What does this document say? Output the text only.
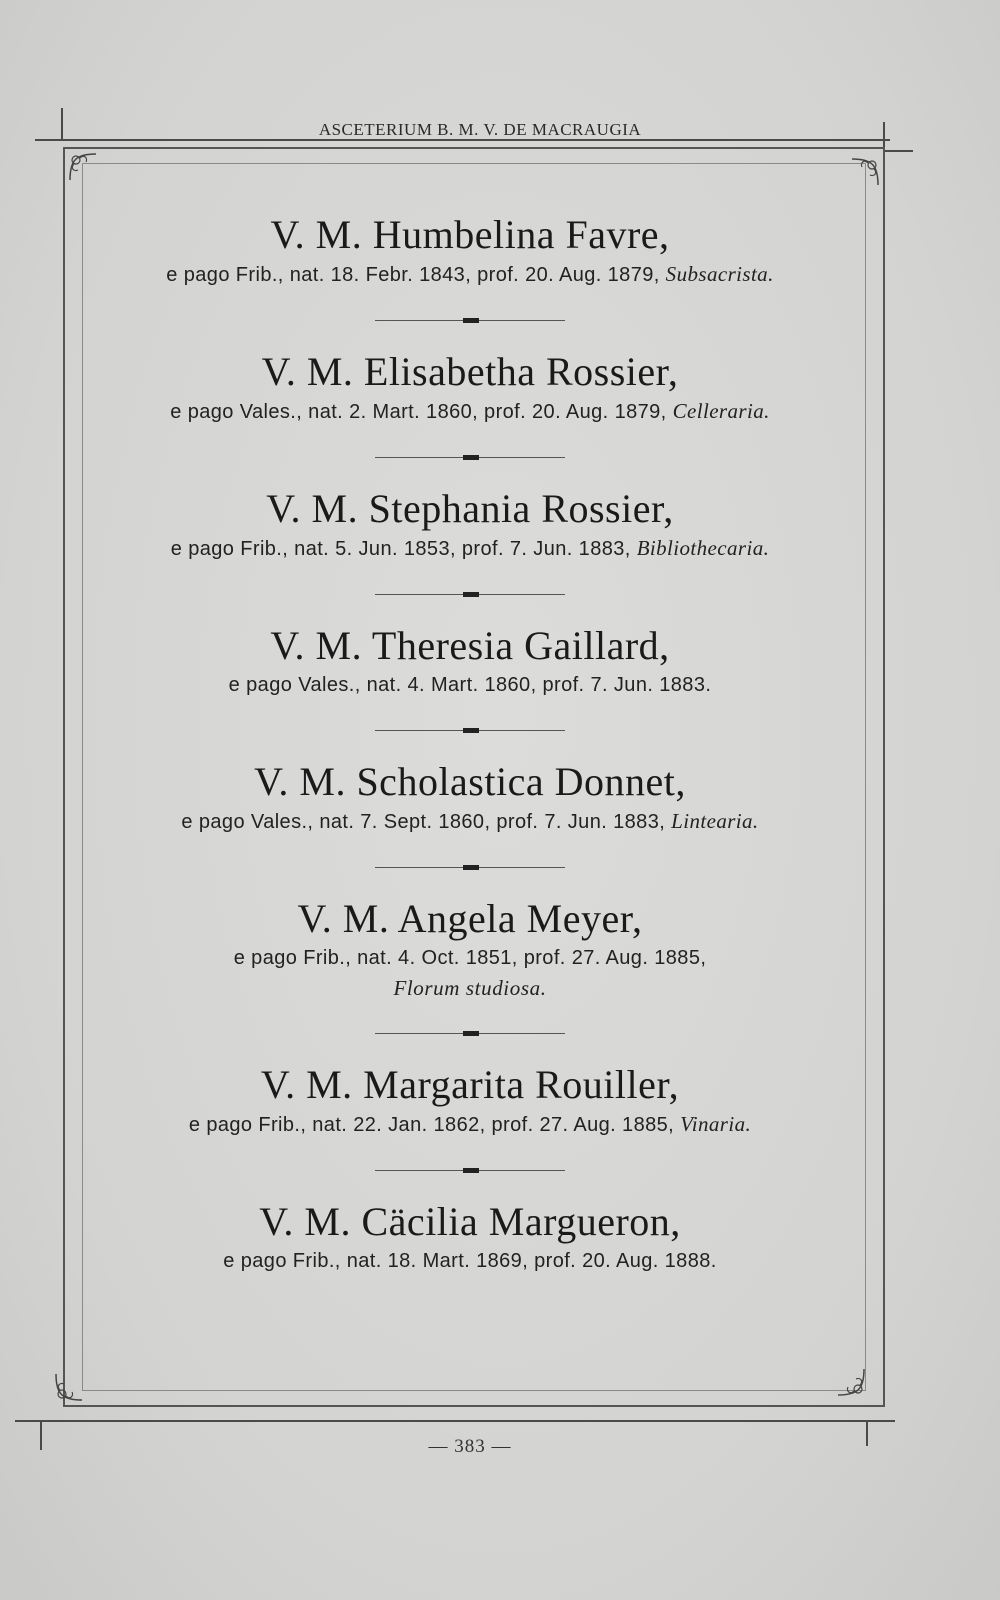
ASCETERIUM B. M. V. DE MACRAUGIA

V. M. Humbelina Favre,

e pago Frib., nat. 18. Febr. 1843, prof. 20. Aug. 1879, Subsacrista.

V. M. Elisabetha Rossier,

e pago Vales., nat. 2. Mart. 1860, prof. 20. Aug. 1879, Celleraria.

V. M. Stephania Rossier,

e pago Frib., nat. 5. Jun. 1853, prof. 7. Jun. 1883, Bibliothecaria.

V. M. Theresia Gaillard,

e pago Vales., nat. 4. Mart. 1860, prof. 7. Jun. 1883.

V. M. Scholastica Donnet,

e pago Vales., nat. 7. Sept. 1860, prof. 7. Jun. 1883, Lintearia.

V. M. Angela Meyer,

e pago Frib., nat. 4. Oct. 1851, prof. 27. Aug. 1885,

Florum studiosa.

V. M. Margarita Rouiller,

e pago Frib., nat. 22. Jan. 1862, prof. 27. Aug. 1885, Vinaria.

V. M. Cäcilia Margueron,

e pago Frib., nat. 18. Mart. 1869, prof. 20. Aug. 1888.

— 383 —
